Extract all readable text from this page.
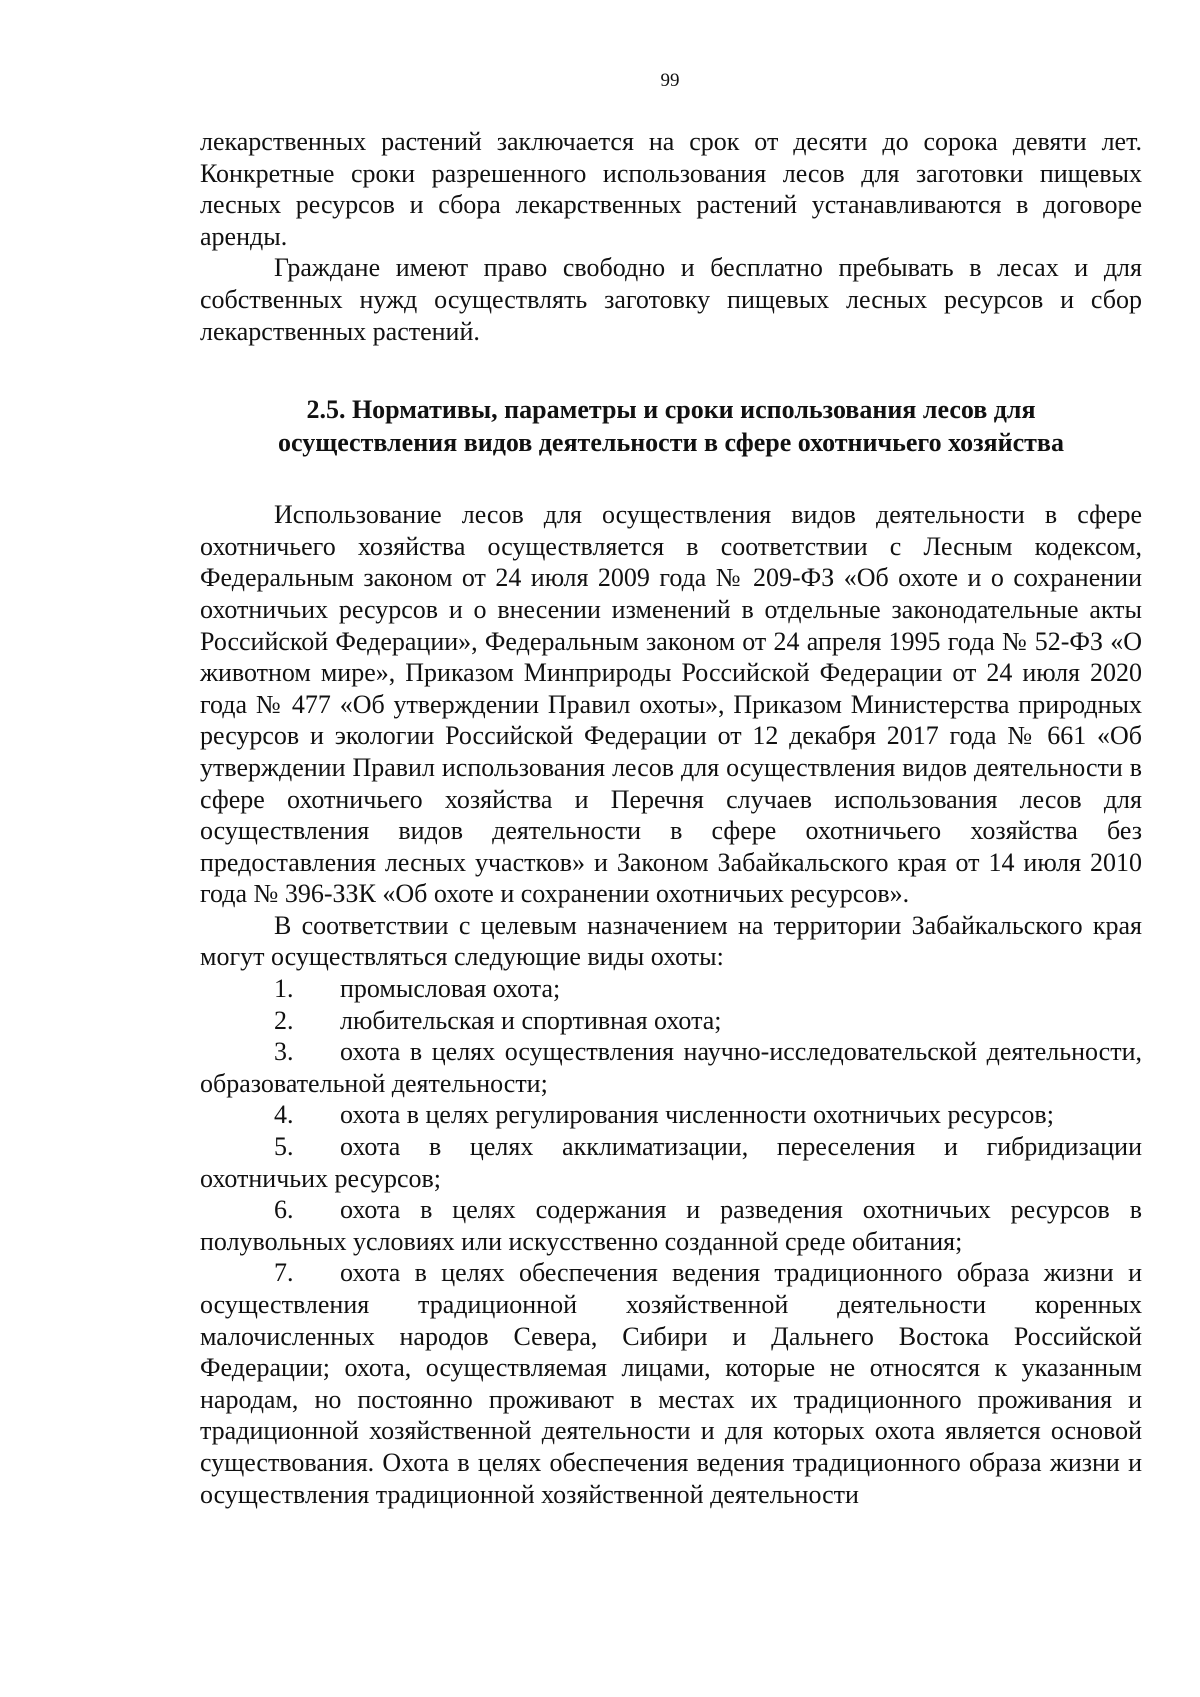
99

лекарственных растений заключается на срок от десяти до сорока девяти лет. Конкретные сроки разрешенного использования лесов для заготовки пищевых лесных ресурсов и сбора лекарственных растений устанавливаются в договоре аренды.

Граждане имеют право свободно и бесплатно пребывать в лесах и для собственных нужд осуществлять заготовку пищевых лесных ресурсов и сбор лекарственных растений.

2.5. Нормативы, параметры и сроки использования лесов для
осуществления видов деятельности в сфере охотничьего хозяйства

Использование лесов для осуществления видов деятельности в сфере охотничьего хозяйства осуществляется в соответствии с Лесным кодексом, Федеральным законом от 24 июля 2009 года № 209-ФЗ «Об охоте и о сохранении охотничьих ресурсов и о внесении изменений в отдельные законодательные акты Российской Федерации», Федеральным законом от 24 апреля 1995 года № 52-ФЗ «О животном мире», Приказом Минприроды Российской Федерации от 24 июля 2020 года № 477 «Об утверждении Правил охоты», Приказом Министерства природных ресурсов и экологии Российской Федерации от 12 декабря 2017 года № 661 «Об утверждении Правил использования лесов для осуществления видов деятельности в сфере охотничьего хозяйства и Перечня случаев использования лесов для осуществления видов деятельности в сфере охотничьего хозяйства без предоставления лесных участков» и Законом Забайкальского края от 14 июля 2010 года № 396-ЗЗК «Об охоте и сохранении охотничьих ресурсов».

В соответствии с целевым назначением на территории Забайкальского края могут осуществляться следующие виды охоты:

1. промысловая охота;

2. любительская и спортивная охота;

3. охота в целях осуществления научно-исследовательской деятельности, образовательной деятельности;

4. охота в целях регулирования численности охотничьих ресурсов;

5. охота в целях акклиматизации, переселения и гибридизации охотничьих ресурсов;

6. охота в целях содержания и разведения охотничьих ресурсов в полувольных условиях или искусственно созданной среде обитания;

7. охота в целях обеспечения ведения традиционного образа жизни и осуществления традиционной хозяйственной деятельности коренных малочисленных народов Севера, Сибири и Дальнего Востока Российской Федерации; охота, осуществляемая лицами, которые не относятся к указанным народам, но постоянно проживают в местах их традиционного проживания и традиционной хозяйственной деятельности и для которых охота является основой существования. Охота в целях обеспечения ведения традиционного образа жизни и осуществления традиционной хозяйственной деятельности
